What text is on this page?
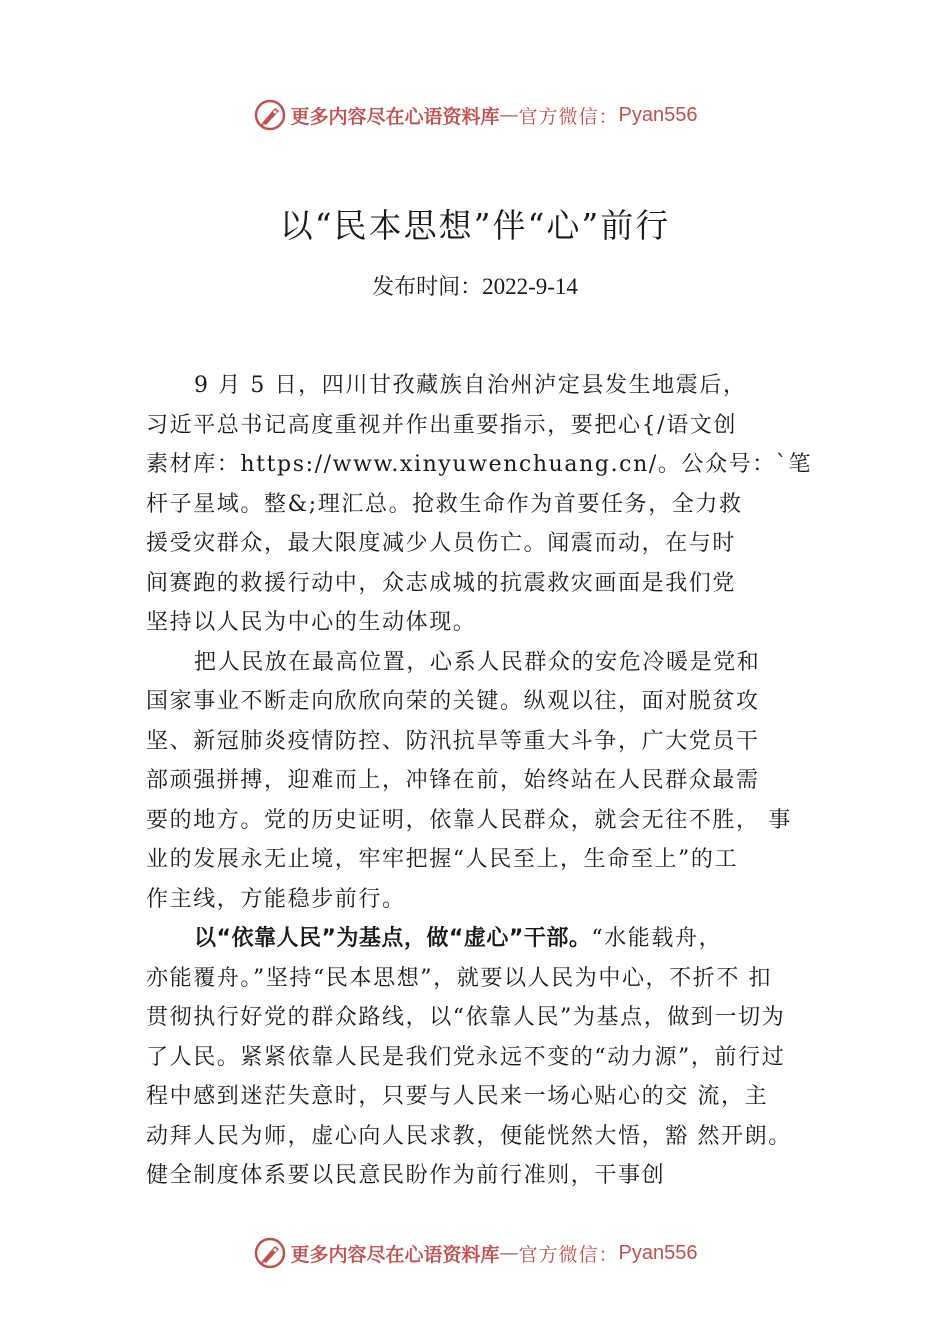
更多内容尽在心语资料库 — 官方微信： Pyan556
以“民本思想”伴“心”前行
发布时间：2022-9-14
9 月 5 日，四川甘孜藏族自治州泸定县发生地震后，
习近平总书记高度重视并作出重要指示，要把心{/语文创
素材库：https://www.xinyuwenchuang.cn/。公众号：`笔
杆子星域。整&;理汇总。抢救生命作为首要任务，全力救
援受灾群众，最大限度减少人员伤亡。闻震而动，在与时
间赛跑的救援行动中，众志成城的抗震救灾画面是我们党
坚持以人民为中心的生动体现。
把人民放在最高位置，心系人民群众的安危冷暖是党和
国家事业不断走向欣欣向荣的关键。纵观以往，面对脱贫攻
坚、新冠肺炎疫情防控、防汛抗旱等重大斗争，广大党员干
部顽强拼搏，迎难而上，冲锋在前，始终站在人民群众最需
要的地方。党的历史证明，依靠人民群众，就会无往不胜， 事
业的发展永无止境，牢牢把握“人民至上，生命至上”的工
作主线，方能稳步前行。
以“依靠人民”为基点，做“虚心”干部。“水能载舟，
亦能覆舟。”坚持“民本思想”，就要以人民为中心，不折不 扣
贯彻执行好党的群众路线，以“依靠人民”为基点，做到一切为
了人民。紧紧依靠人民是我们党永远不变的“动力源”，前行过
程中感到迷茫失意时，只要与人民来一场心贴心的交 流，主
动拜人民为师，虚心向人民求教，便能恍然大悟，豁 然开朗。
健全制度体系要以民意民盼作为前行准则，干事创
更多内容尽在心语资料库 — 官方微信： Pyan556
